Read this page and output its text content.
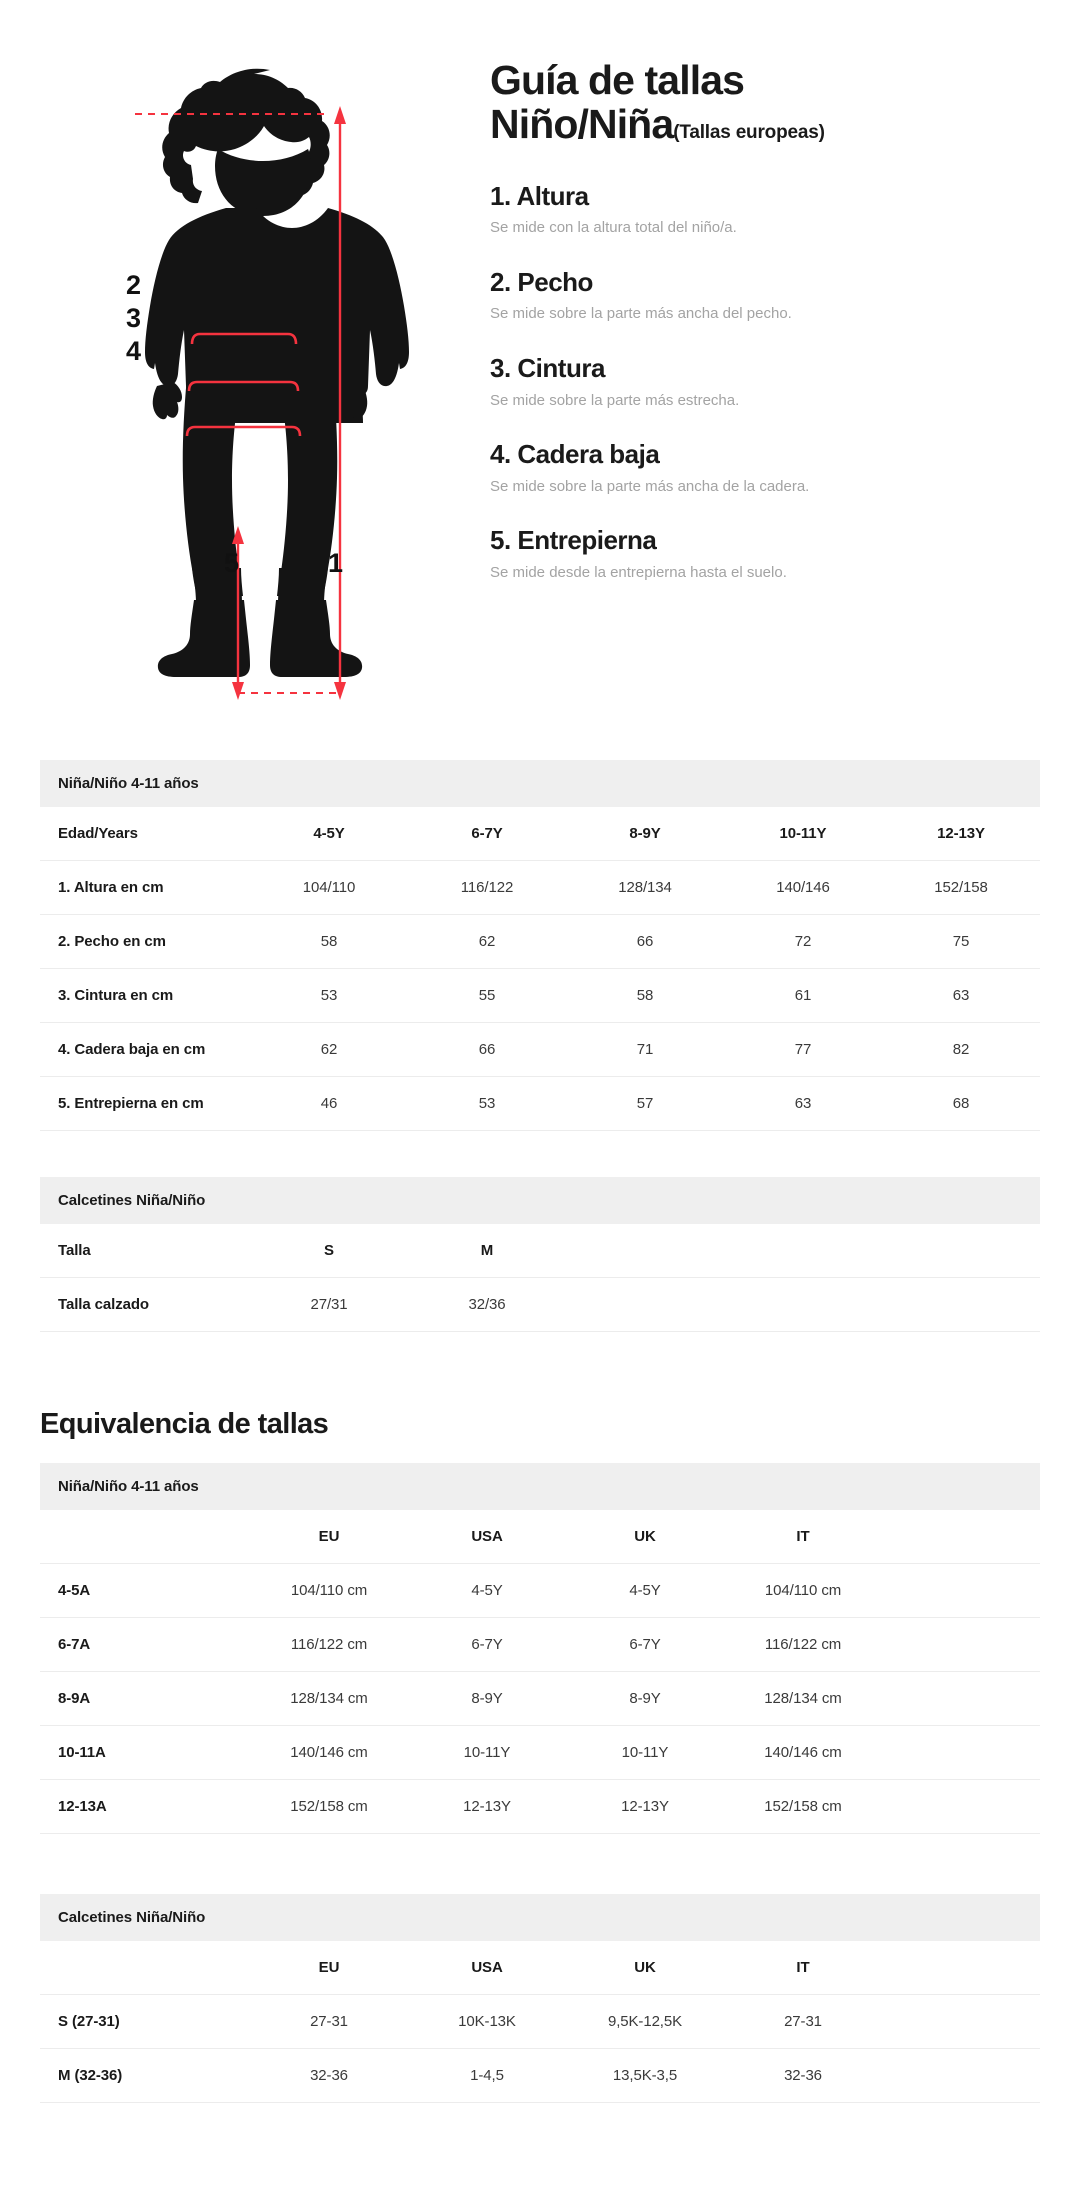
2
3
4
5	1
Guía de tallas
Niño/Niña(Tallas europeas)
1. Altura
Se mide con la altura total del niño/a.
2. Pecho
Se mide sobre la parte más ancha del pecho.
3. Cintura
Se mide sobre la parte más estrecha.
4. Cadera baja
Se mide sobre la parte más ancha de la cadera.
5. Entrepierna
Se mide desde la entrepierna hasta el suelo.
Niña/Niño 4-11 años
Edad/Years	4-5Y	6-7Y	8-9Y	10-11Y	12-13Y
1. Altura en cm	104/110	116/122	128/134	140/146	152/158
2. Pecho en cm	58	62	66	72	75
3. Cintura en cm	53	55	58	61	63
4. Cadera baja en cm	62	66	71	77	82
5. Entrepierna en cm	46	53	57	63	68
Calcetines Niña/Niño
Talla	S	M			
Talla calzado	27/31	32/36			
Equivalencia de tallas
Niña/Niño 4-11 años
	EU	USA	UK	IT	
4-5A	104/110 cm	4-5Y	4-5Y	104/110 cm	
6-7A	116/122 cm	6-7Y	6-7Y	116/122 cm	
8-9A	128/134 cm	8-9Y	8-9Y	128/134 cm	
10-11A	140/146 cm	10-11Y	10-11Y	140/146 cm	
12-13A	152/158 cm	12-13Y	12-13Y	152/158 cm	
Calcetines Niña/Niño
	EU	USA	UK	IT	
S (27-31)	27-31	10K-13K	9,5K-12,5K	27-31	
M (32-36)	32-36	1-4,5	13,5K-3,5	32-36	
